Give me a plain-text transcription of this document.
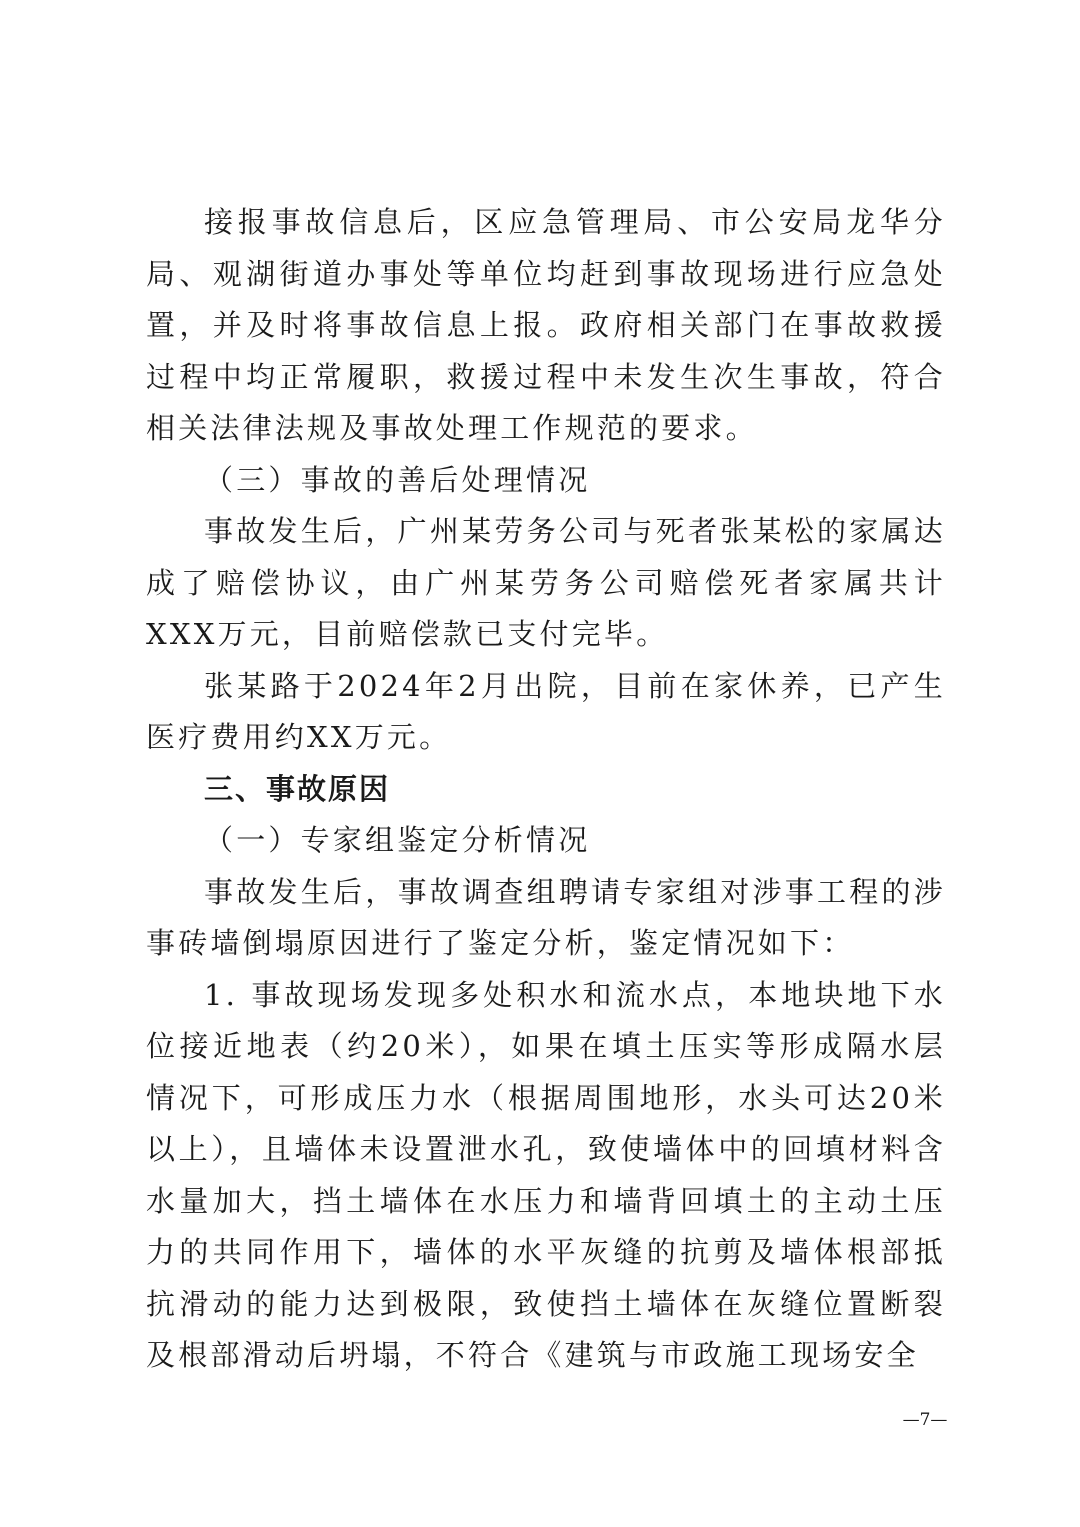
接报事故信息后，区应急管理局、市公安局龙华分局、观湖街道办事处等单位均赶到事故现场进行应急处置，并及时将事故信息上报。政府相关部门在事故救援过程中均正常履职，救援过程中未发生次生事故，符合相关法律法规及事故处理工作规范的要求。

（三）事故的善后处理情况

事故发生后，广州某劳务公司与死者张某松的家属达成了赔偿协议，由广州某劳务公司赔偿死者家属共计XXX万元，目前赔偿款已支付完毕。

张某路于2024年2月出院，目前在家休养，已产生医疗费用约XX万元。

三、事故原因

（一）专家组鉴定分析情况

事故发生后，事故调查组聘请专家组对涉事工程的涉事砖墙倒塌原因进行了鉴定分析，鉴定情况如下：

1. 事故现场发现多处积水和流水点，本地块地下水位接近地表（约20米），如果在填土压实等形成隔水层情况下，可形成压力水（根据周围地形，水头可达20米以上），且墙体未设置泄水孔，致使墙体中的回填材料含水量加大，挡土墙体在水压力和墙背回填土的主动土压力的共同作用下，墙体的水平灰缝的抗剪及墙体根部抵抗滑动的能力达到极限，致使挡土墙体在灰缝位置断裂及根部滑动后坍塌，不符合《建筑与市政施工现场安全

—7—
